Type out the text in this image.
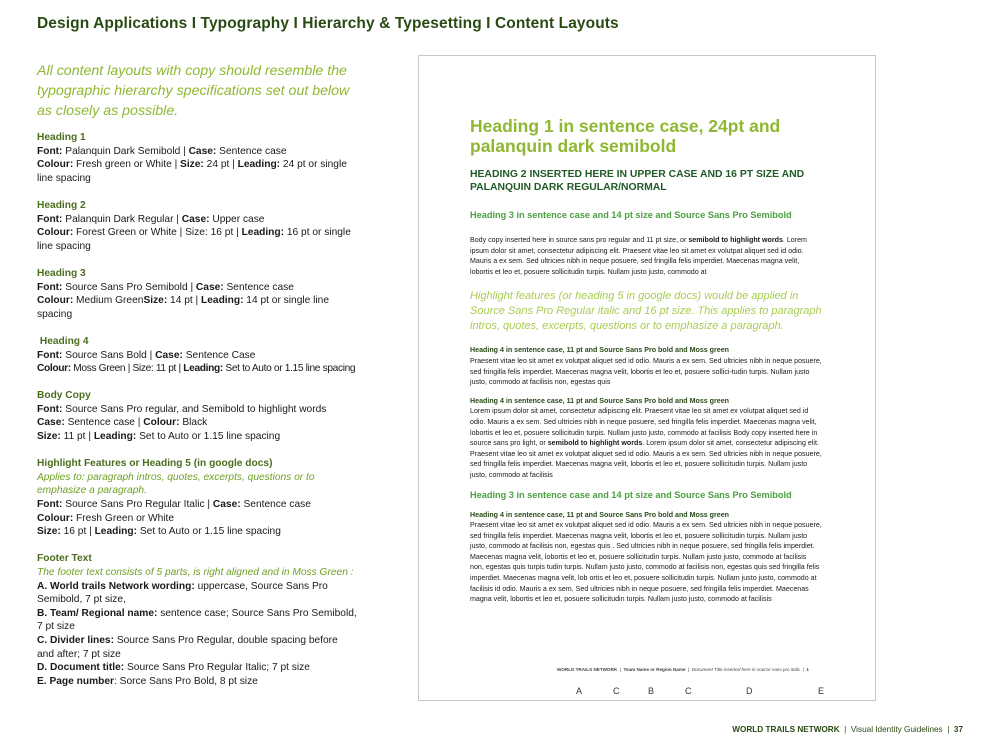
Design Applications I Typography I Hierarchy & Typesetting I Content Layouts

All content layouts with copy should resemble the typographic hierarchy specifications set out below as closely as possible.

Heading 1

Font: Palanquin Dark Semibold | Case: Sentence case

Colour: Fresh green or White | Size: 24 pt | Leading: 24 pt or single line spacing

Heading 2

Font: Palanquin Dark Regular | Case: Upper case

Colour: Forest Green or White | Size: 16 pt | Leading: 16 pt or single line spacing

Heading 3

Font: Source Sans Pro Semibold | Case: Sentence case

Colour: Medium GreenSize: 14 pt | Leading: 14 pt or single line spacing

Heading 4

Font: Source Sans Bold | Case: Sentence Case

Colour: Moss Green | Size: 11 pt | Leading: Set to Auto or 1.15 line spacing

Body Copy

Font: Source Sans Pro regular, and Semibold to highlight words

Case: Sentence case | Colour: Black

Size: 11 pt | Leading: Set to Auto or 1.15 line spacing

Highlight Features or Heading 5 (in google docs)

Applies to: paragraph intros, quotes, excerpts, questions or to emphasize a paragraph.

Font: Source Sans Pro Regular Italic | Case: Sentence case

Colour: Fresh Green or White

Size: 16 pt | Leading: Set to Auto or 1.15 line spacing

Footer Text

The footer text consists of 5 parts, is right aligned and in Moss Green :

A. World trails Network wording: uppercase, Source Sans Pro Semibold, 7 pt size,

B. Team/ Regional name: sentence case; Source Sans Pro Semibold, 7 pt size

C. Divider lines: Source Sans Pro Regular, double spacing before and after; 7 pt size

D. Document title: Source Sans Pro Regular Italic; 7 pt size

E. Page number: Sorce Sans Pro Bold, 8 pt size

Heading 1 in sentence case, 24pt and palanquin dark semibold

HEADING 2 INSERTED HERE IN UPPER CASE AND 16 PT SIZE AND PALANQUIN DARK REGULAR/NORMAL

Heading 3 in sentence case and 14 pt size and Source Sans Pro Semibold

Body copy inserted here in source sans pro regular and 11 pt size, or semibold to highlight words. Lorem ipsum dolor sit amet, consectetur adipiscing elit. Praesent vitae leo sit amet ex volutpat aliquet sed id odio. Mauris a ex sem. Sed ultricies nibh in neque posuere, sed fringilla felis imperdiet. Maecenas magna velit, lobortis et leo et, posuere sollicitudin turpis. Nullam justo justo, commodo at

Highlight features (or heading 5 in google docs) would be applied in Source Sans Pro Regular italic and 16 pt size. This applies to paragraph intros, quotes, excerpts, questions or to emphasize a paragraph.

Heading 4 in sentence case, 11 pt and Source Sans Pro bold and Moss green
Praesent vitae leo sit amet ex volutpat aliquet sed id odio. Mauris a ex sem. Sed ultricies nibh in neque posuere, sed fringilla felis imperdiet. Maecenas magna velit, lobortis et leo et, posuere sollici-tudin turpis. Nullam justo justo, commodo at facilisis non, egestas quis
Heading 4 in sentence case, 11 pt and Source Sans Pro bold and Moss green
Lorem ipsum dolor sit amet, consectetur adipiscing elit. Praesent vitae leo sit amet ex volutpat aliquet sed id odio. Mauris a ex sem. Sed ultricies nibh in neque posuere, sed fringilla felis imperdiet. Maecenas magna velit, lobortis et leo et, posuere sollicitudin turpis. Nullam justo justo, commodo at facilisis Body copy inserted here in source sans pro light, or semibold to highlight words. Lorem ipsum dolor sit amet, consectetur adipiscing elit. Praesent vitae leo sit amet ex volutpat aliquet sed id odio. Mauris a ex sem. Sed ultricies nibh in neque posuere, sed fringilla felis imperdiet. Maecenas magna velit, lobortis et leo et, posuere sollicitudin turpis. Nullam justo justo, commodo at facilisis

Heading 3 in sentence case and 14 pt size and Source Sans Pro Semibold

Heading 4 in sentence case, 11 pt and Source Sans Pro bold and Moss green
Praesent vitae leo sit amet ex volutpat aliquet sed id odio. Mauris a ex sem. Sed ultricies nibh in neque posuere, sed fringilla felis imperdiet. Maecenas magna velit, lobortis et leo et, posuere sollicitudin turpis. Nullam justo justo, commodo at facilisis non, egestas quis . Sed ultricies nibh in neque posuere, sed fringilla felis imperdiet. Maecenas magna velit, lobortis et leo et, posuere sollicitudin turpis. Nullam justo justo, commodo at facilisis non, egestas quis turpis tudin turpis. Nullam justo justo, commodo at facilisis non, egestas quis sed fringilla felis imperdiet. Maecenas magna velit, lob ortis et leo et, posuere sollicitudin turpis. Nullam justo justo, commodo at facilisis id odio. Mauris a ex sem. Sed ultricies nibh in neque posuere, sed fringilla felis imperdiet. Maecenas magna velit, lobortis et leo et, posuere sollicitudin turpis. Nullam justo justo, commodo at facilisis
WORLD TRAILS NETWORK  |  Team Name or Region Name  |  Document Title inserted here in source sans pro italic  |  1
A	C	B	C	D	E
WORLD TRAILS NETWORK  |  Visual Identity Guidelines  |  37
